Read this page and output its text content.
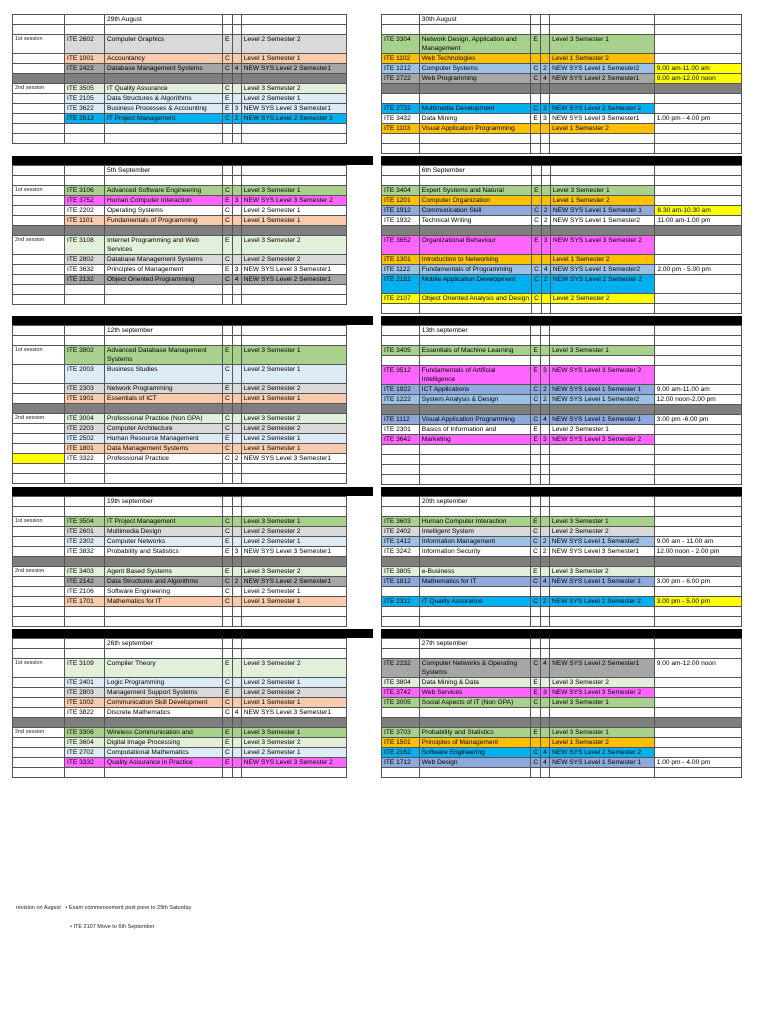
		29th August			

1st session	ITE 2602	Computer Graphics	E		Level 2 Semester 2
	ITE 1001	Accountancy	C		Level 1 Semester 1
	ITE 2422	Database Management Systems	C	4	NEW SYS Level 2 Semester1

2nd session	ITE 3505	IT Quality Assurance	C		Level 3 Semester 2
	ITE 2105	Data Structures & Algorithms	E		Level 2 Semester 1
	ITE 3622	Business Processes & Accounting	E	3	NEW SYS Level 3 Semester1
	ITE 2612	IT Project Management	C	2	NEW SYS Level 2 Semester 2

	30th August				

ITE 3304	Network Design, Application and Management	E		Level 3 Semester 1	
ITE 1102	Web Technologies			Level 1 Semester 2	
ITE 1212	Computer Systems	C	2	NEW SYS Level 1 Semester2	9.00 am-11.00 am
ITE 2722	Web Programming	C	4	NEW SYS Level 2 Semester1	9.00 am-12.00 noon

ITE 2732	Multimedia Development	C	2	NEW SYS Level 2 Semester 2	
ITE 3432	Data Mining	E	3	NEW SYS Level 3 Semester1	1.00 pm - 4.00 pm
ITE 1103	Visual Application Programming			Level 1 Semester 2	

		5th September			

1st session	ITE 3106	Advanced Software Engineering	C		Level 3 Semester 1
	ITE 3752	Human Computer Interaction	E	3	NEW SYS Level 3 Semester 2
	ITE 2202	Operating Systems	C		Level 2 Semester 1
	ITE 1101	Fundamentals of Programming	C		Level 1 Semester 1

2nd session	ITE 3108	Internet Programming and Web Services	E		Level 3 Semester 2
	ITE 2802	Database Management Systems	C		Level 2 Semester 2
	ITE 3632	Principles of Management	E	3	NEW SYS Level 3 Semester1
	ITE 2132	Object Oriented Programming	C	4	NEW SYS Level 2 Semester1

	6th September				

ITE 3404	Expert Systems and Natural	E		Level 3 Semester 1	
ITE 1201	Computer Organization			Level 1 Semester 2	
ITE 1912	Communication Skill	C	2	NEW SYS Level 1 Semester 1	8.30 am-10.30 am
ITE 1932	Technical Writing	C	2	NEW SYS Level 1 Semester2	11.00 am-1.00 pm

ITE 3652	Organizational Behaviour	E	3	NEW SYS Level 3 Semester 2	
ITE 1301	Introduction to Networking			Level 1 Semester 2	
ITE 1122	Fundamentals of Programming	C	4	NEW SYS Level 1 Semester2	2.00 pm - 5.00 pm
ITE 2152	Mobile Application Development	C	2	NEW SYS Level 2 Semester 2	
ITE 2107	Object Oriented Analysis and Design	C		Level 2 Semester 2	

		12th september			

1st session	ITE 3802	Advanced Database Management Systems	E		Level 3 Semester 1
	ITE 2003	Business Studies	C		Level 2 Semester 1
	ITE 2303	Network Programming	E		Level 2 Semester 2
	ITE 1901	Essentials of ICT	C		Level 1 Semester 1

2nd session	ITE 3004	Professional Practice (Non GPA)	C		Level 3 Semester 2
	ITE 2203	Computer Architecture	C		Level 2 Semester 2
	ITE 2502	Human Resource Management	E		Level 2 Semester 1
	ITE 1801	Data Management Systems	C		Level 1 Semester 1
	ITE 3322	Professional Practice	C	2	NEW SYS Level 3 Semester1

	13th september				

ITE 3405	Essentials of Machine Learning	E		Level 3 Semester 1	

ITE 3512	Fundamentals of Artificial Intelligence	E	3	NEW SYS Level 3 Semester 2	
ITE 1922	ICT Applications	C	2	NEW SYS Level 1 Semester 1	9.00 am-11.00 am
ITE 1222	System Analysis & Design	C	2	NEW SYS Level 1 Semester2	12.00 noon-2.00 pm

ITE 1112	Visual Application Programming	C	4	NEW SYS Level 1 Semester 1	3.00 pm -6.00 pm
ITE 2301	Basics of Information and	E		Level 2 Semester 1	
ITE 3642	Marketing	E	3	NEW SYS Level 3 Semester 2	

		19th september			

1st session	ITE 3504	IT Project Management	C		Level 3 Semester 1
	ITE 2601	Multimedia Design	C		Level 2 Semester 2
	ITE 2302	Computer Networks	E		Level 2 Semester 1
	ITE 3832	Probability and Statistics	E	3	NEW SYS Level 3 Semester1

2nd session	ITE 3403	Agent Based Systems	E		Level 3 Semester 2
	ITE 2142	Data Structures and Algorithms	C	2	NEW SYS Level 2 Semester1
	ITE 2106	Software Engineering	C		Level 2 Semester 1
	ITE 1701	Mathematics for IT	C		Level 1 Semester 1

	20th september				

ITE 3603	Human Computer Interaction	E		Level 3 Semester 1	
ITE 2402	Intelligent System	C		Level 2 Semester 2	
ITE 1412	Information Management	C	2	NEW SYS Level 1 Semester2	9.00 am - 11.00 am
ITE 3242	Information Security	C	2	NEW SYS Level 3 Semester1	12.00 noon - 2.00 pm

ITE 3805	e-Business	E		Level 3 Semester 2	
ITE 1812	Mathematics for IT	C	4	NEW SYS Level 1 Semester 1	3.00 pm - 6.00 pm

ITE 2312	IT Quality Assurance	C	2	NEW SYS Level 2 Semester 2	3.00 pm - 5.00 pm

		26th september			

1st session	ITE 3109	Compiler Theory	E		Level 3 Semester 2
	ITE 2401	Logic Programming	C		Level 2 Semester 1
	ITE 2803	Management Support Systems	E		Level 2 Semester 2
	ITE 1002	Communication Skill Development	C		Level 1 Semester 1
	ITE 3822	Discrete Mathematics	C	4	NEW SYS Level 3 Semester1

2nd session	ITE 3306	Wireless Communication and	E		Level 3 Semester 1
	ITE 3604	Digital Image Processing	E		Level 3 Semester 2
	ITE 2702	Computational Mathematics	C		Level 2 Semester 1
	ITE 3332	Quality Assurance in Practice	E		NEW SYS Level 3 Semester 2

	27th september				

ITE 2232	Computer Networks & Operating Systems	C	4	NEW SYS Level 2 Semester1	9.00 am-12.00 noon
ITE 3804	Data Mining & Data	E		Level 3 Semester 2	
ITE 3742	Web Services	E	3	NEW SYS Level 3 Semester 2	
ITE 3005	Social Aspects of IT (Non GPA)	C		Level 3 Semester 1	

ITE 3703	Probability and Statistics	E		Level 3 Semester 1	
ITE 1501	Principles of Management			Level 1 Semester 2	
ITE 2162	Software Engineering	C	4	NEW SYS Level 2 Semester 2	
ITE 1712	Web Design	C	4	NEW SYS Level 1 Semester 1	1.00 pm - 4.00 pm

revision on Augest • Exam commencement post pone to 29th Saturday
• ITE 2107 Move to 6th September
